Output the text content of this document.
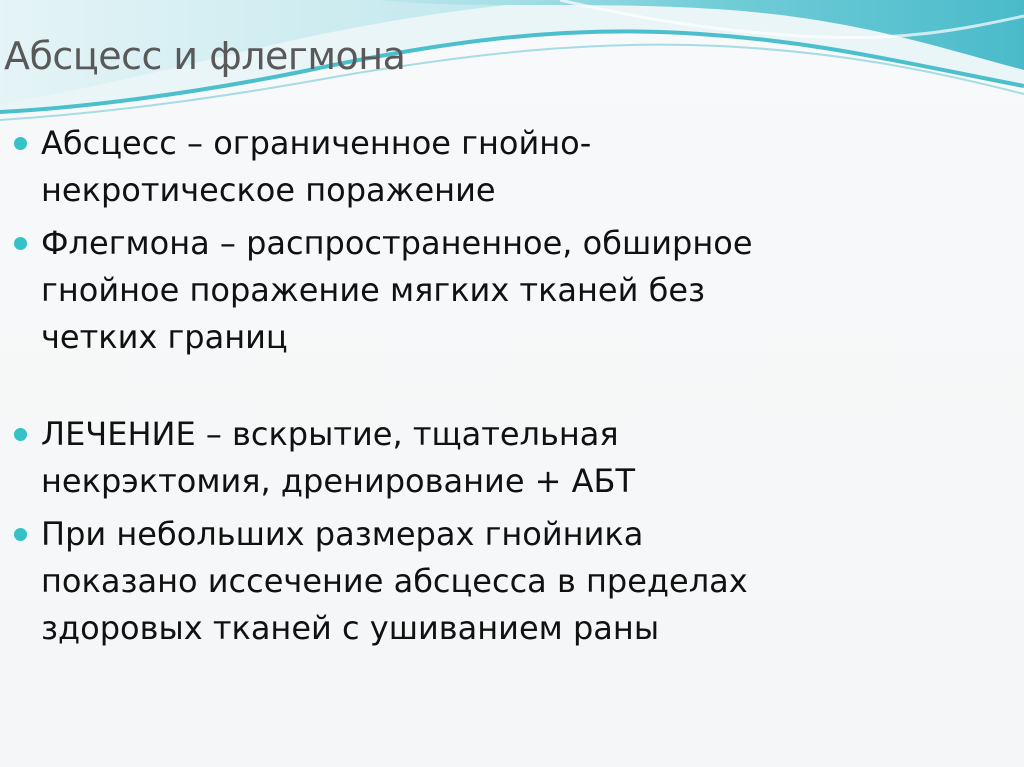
Абсцесс и флегмона
Абсцесс – ограниченное гнойно-
некротическое поражение
Флегмона – распространенное, обширное
гнойное поражение мягких тканей без
четких границ
ЛЕЧЕНИЕ – вскрытие, тщательная
некрэктомия, дренирование + АБТ
При небольших размерах гнойника
показано иссечение абсцесса в пределах
здоровых тканей с ушиванием раны
